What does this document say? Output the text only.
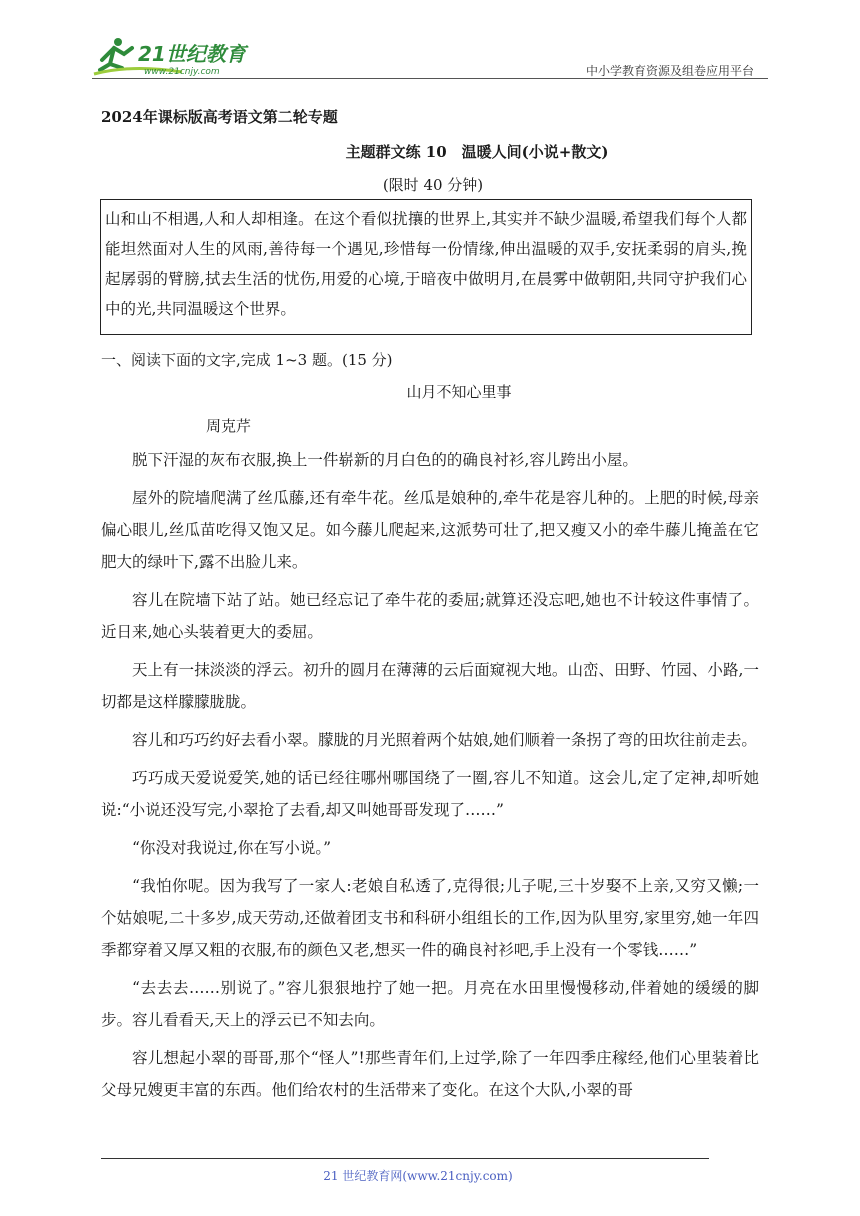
21世纪教育
www.21cnjy.com	中小学教育资源及组卷应用平台
2024年课标版高考语文第二轮专题
主题群文练 10　温暖人间(小说+散文)
(限时 40 分钟)
山和山不相遇,人和人却相逢。在这个看似扰攘的世界上,其实并不缺少温暖,希望我们每个人都能坦然面对人生的风雨,善待每一个遇见,珍惜每一份情缘,伸出温暖的双手,安抚柔弱的肩头,挽起孱弱的臂膀,拭去生活的忧伤,用爱的心境,于暗夜中做明月,在晨雾中做朝阳,共同守护我们心中的光,共同温暖这个世界。
一、阅读下面的文字,完成 1~3 题。(15 分)
山月不知心里事
周克芹

脱下汗湿的灰布衣服,换上一件崭新的月白色的的确良衬衫,容儿跨出小屋。

屋外的院墙爬满了丝瓜藤,还有牵牛花。丝瓜是娘种的,牵牛花是容儿种的。上肥的时候,母亲偏心眼儿,丝瓜苗吃得又饱又足。如今藤儿爬起来,这派势可壮了,把又瘦又小的牵牛藤儿掩盖在它肥大的绿叶下,露不出脸儿来。

容儿在院墙下站了站。她已经忘记了牵牛花的委屈;就算还没忘吧,她也不计较这件事情了。近日来,她心头装着更大的委屈。

天上有一抹淡淡的浮云。初升的圆月在薄薄的云后面窥视大地。山峦、田野、竹园、小路,一切都是这样朦朦胧胧。

容儿和巧巧约好去看小翠。朦胧的月光照着两个姑娘,她们顺着一条拐了弯的田坎往前走去。

巧巧成天爱说爱笑,她的话已经往哪州哪国绕了一圈,容儿不知道。这会儿,定了定神,却听她说:“小说还没写完,小翠抢了去看,却又叫她哥哥发现了……”

“你没对我说过,你在写小说。”

“我怕你呢。因为我写了一家人:老娘自私透了,克得很;儿子呢,三十岁娶不上亲,又穷又懒;一个姑娘呢,二十多岁,成天劳动,还做着团支书和科研小组组长的工作,因为队里穷,家里穷,她一年四季都穿着又厚又粗的衣服,布的颜色又老,想买一件的确良衬衫吧,手上没有一个零钱……”

“去去去……别说了。”容儿狠狠地拧了她一把。月亮在水田里慢慢移动,伴着她的缓缓的脚步。容儿看看天,天上的浮云已不知去向。

容儿想起小翠的哥哥,那个“怪人”!那些青年们,上过学,除了一年四季庄稼经,他们心里装着比父母兄嫂更丰富的东西。他们给农村的生活带来了变化。在这个大队,小翠的哥

21 世纪教育网(www.21cnjy.com)
